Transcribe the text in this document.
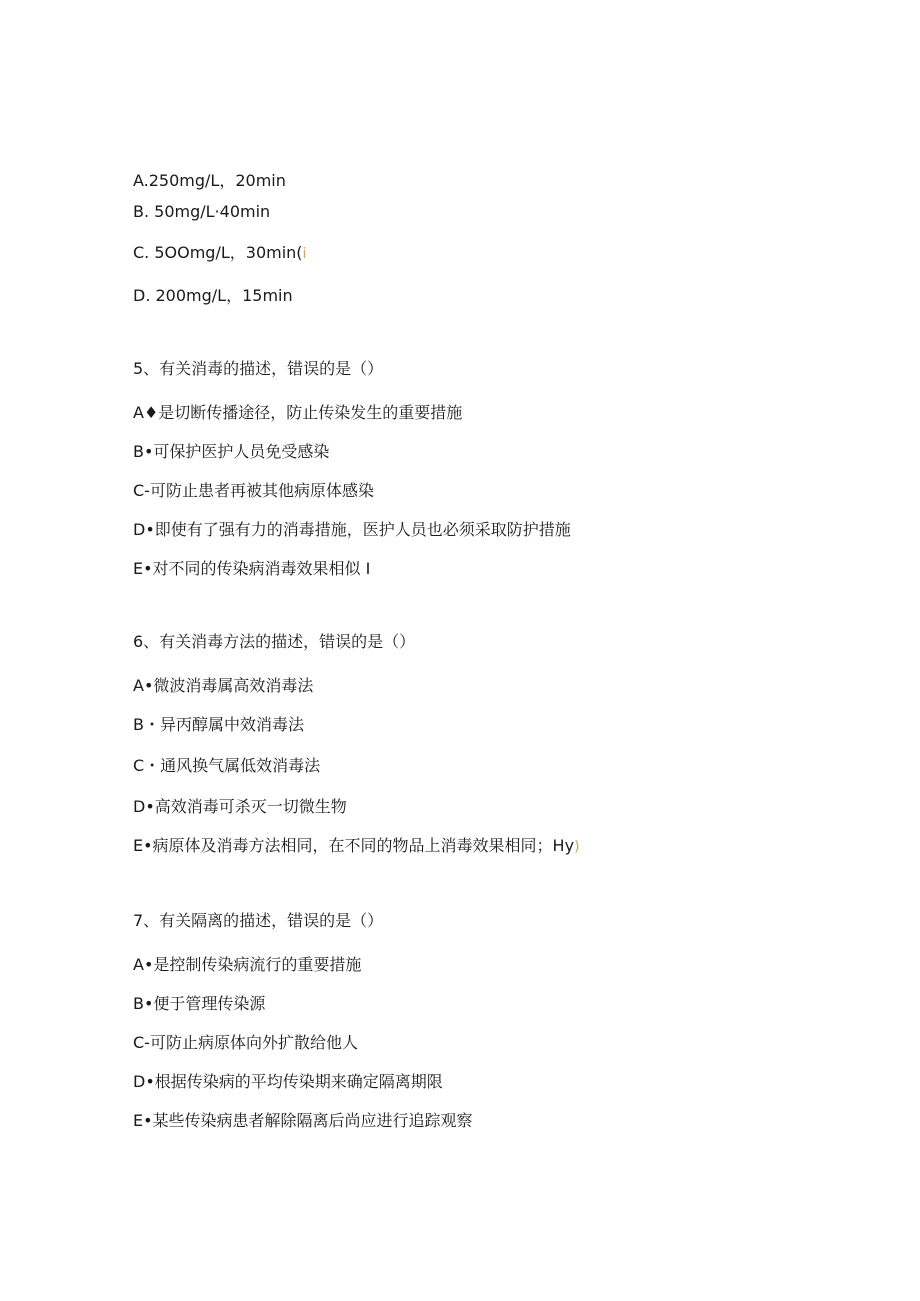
A.250mg∕L，20min
B. 50mg∕L·40min
C. 5OOmg∕L，30min(i
D. 200mg∕L，15min
5、有关消毒的描述，错误的是（）
A♦是切断传播途径，防止传染发生的重要措施
B•可保护医护人员免受感染
C-可防止患者再被其他病原体感染
D•即使有了强有力的消毒措施，医护人员也必须采取防护措施
E•对不同的传染病消毒效果相似 I
6、有关消毒方法的描述，错误的是（）
A•微波消毒属高效消毒法
B・异丙醇属中效消毒法
C・通风换气属低效消毒法
D•高效消毒可杀灭一切微生物
E•病原体及消毒方法相同，在不同的物品上消毒效果相同；Hy)
7、有关隔离的描述，错误的是（）
A•是控制传染病流行的重要措施
B•便于管理传染源
C-可防止病原体向外扩散给他人
D•根据传染病的平均传染期来确定隔离期限
E•某些传染病患者解除隔离后尚应进行追踪观察
